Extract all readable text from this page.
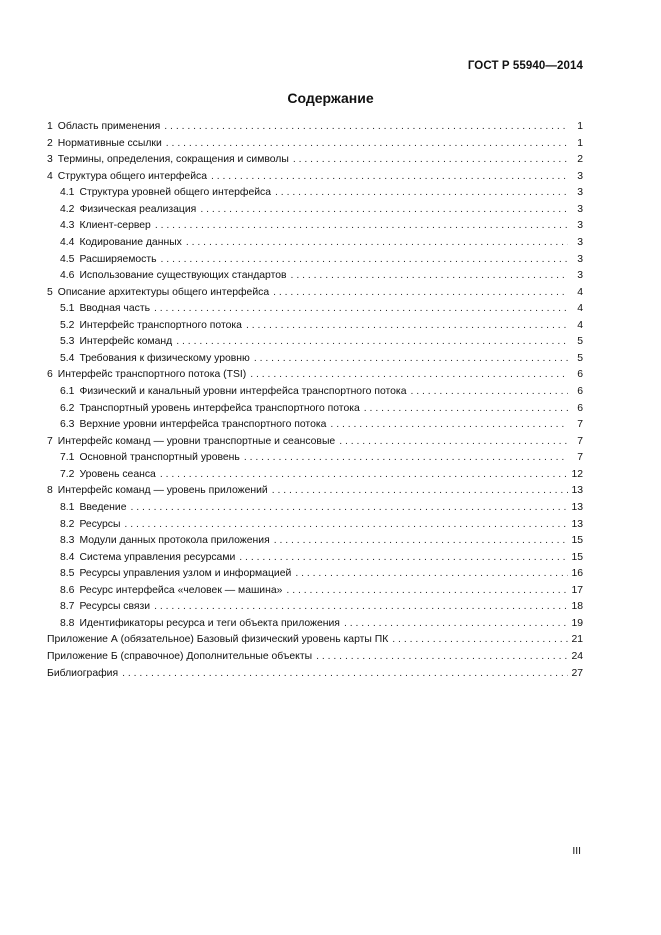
ГОСТ Р 55940—2014
Содержание
1 Область применения . . .	1
2 Нормативные ссылки . . .	1
3 Термины, определения, сокращения и символы . . .	2
4 Структура общего интерфейса . . .	3
4.1 Структура уровней общего интерфейса . . .	3
4.2 Физическая реализация . . .	3
4.3 Клиент-сервер . . .	3
4.4 Кодирование данных . . .	3
4.5 Расширяемость . . .	3
4.6 Использование существующих стандартов . . .	3
5 Описание архитектуры общего интерфейса . . .	4
5.1 Вводная часть . . .	4
5.2 Интерфейс транспортного потока . . .	4
5.3 Интерфейс команд . . .	5
5.4 Требования к физическому уровню . . .	5
6 Интерфейс транспортного потока (TSI) . . .	6
6.1 Физический и канальный уровни интерфейса транспортного потока . . .	6
6.2 Транспортный уровень интерфейса транспортного потока . . .	6
6.3 Верхние уровни интерфейса транспортного потока . . .	7
7 Интерфейс команд — уровни транспортные и сеансовые . . .	7
7.1 Основной транспортный уровень . . .	7
7.2 Уровень сеанса . . .	12
8 Интерфейс команд — уровень приложений . . .	13
8.1 Введение . . .	13
8.2 Ресурсы . . .	13
8.3 Модули данных протокола приложения . . .	15
8.4 Система управления ресурсами . . .	15
8.5 Ресурсы управления узлом и информацией . . .	16
8.6 Ресурс интерфейса «человек — машина» . . .	17
8.7 Ресурсы связи . . .	18
8.8 Идентификаторы ресурса и теги объекта приложения . . .	19
Приложение А (обязательное) Базовый физический уровень карты ПК . . .	21
Приложение Б (справочное) Дополнительные объекты . . .	24
Библиография . . .	27
III
